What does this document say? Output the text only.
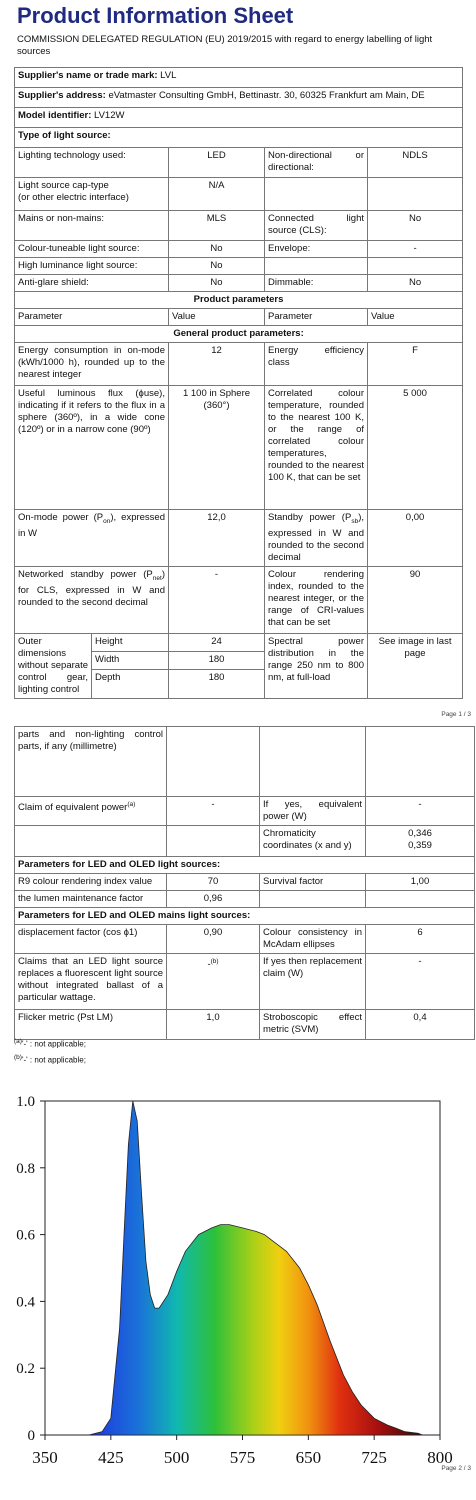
Product Information Sheet
COMMISSION DELEGATED REGULATION (EU) 2019/2015 with regard to energy labelling of light sources
Supplier's name or trade mark: LVL				
Supplier's address: eVatmaster Consulting GmbH, Bettinastr. 30, 60325 Frankfurt am Main, DE				
Model identifier: LV12W				
Type of light source:				
Lighting technology used:		LED	Non-directional or directional:	NDLS
Light source cap-type
(or other electric interface)		N/A		
Mains or non-mains:		MLS	Connected light source (CLS):	No
Colour-tuneable light source:		No	Envelope:	-
High luminance light source:		No		
Anti-glare shield:		No	Dimmable:	No
Product parameters				
Parameter		Value	Parameter	Value
General product parameters:				
Energy consumption in on-mode (kWh/1000 h), rounded up to the nearest integer		12	Energy efficiency class	F
Useful luminous flux (ϕuse), indicating if it refers to the flux in a sphere (360º), in a wide cone (120º) or in a narrow cone (90º)		1 100 in Sphere (360°)	Correlated colour temperature, rounded to the nearest 100 K, or the range of correlated colour temperatures, rounded to the nearest 100 K, that can be set	5 000
On-mode power $(P_{on})$, expressed in W		12,0	Standby power $(P_{sb})$, expressed in W and rounded to the second decimal	0,00
Networked standby power $(P_{net})$ for CLS, expressed in W and rounded to the second decimal		-	Colour rendering index, rounded to the nearest integer, or the range of CRI-values that can be set	90
Outer dimensions without separate control gear, lighting control	Height	24	Spectral power distribution in the range 250 nm to 800 nm, at full-load	See image in last page
	Width	180		
	Depth	180		
Page 1 / 3
parts and non-lighting control parts, if any (millimetre)			
Claim of equivalent power$^{(a)}$	-	If yes, equivalent power (W)	-
		Chromaticity coordinates (x and y)	0,346
0,359
Parameters for LED and OLED light sources:			
R9 colour rendering index value	70	Survival factor	1,00
the lumen maintenance factor	0,96		
Parameters for LED and OLED mains light sources:			
displacement factor (cos ϕ1)	0,90	Colour consistency in McAdam ellipses	6
Claims that an LED light source replaces a fluorescent light source without integrated ballast of a particular wattage.	-$^{(b)}$	If yes then replacement claim (W)	-
Flicker metric (Pst LM)	1,0	Stroboscopic effect metric (SVM)	0,4
$^{(a)}$'-' : not applicable;
$^{(b)}$'-' : not applicable;
0
0.2
0.4
0.6
0.8
1.0
350 425 500 575 650 725 800
Page 2 / 3
